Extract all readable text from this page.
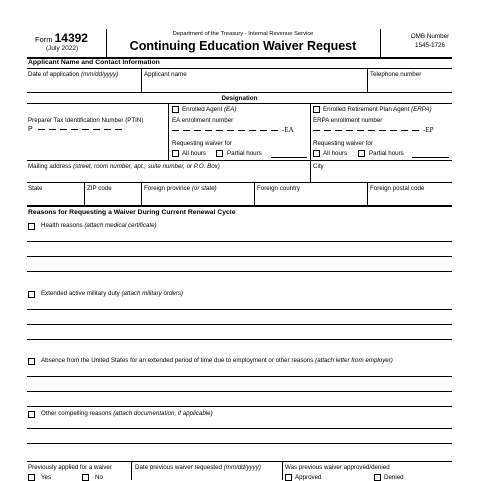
Form 14392
(July 2022)
Department of the Treasury - Internal Revenue Service
Continuing Education Waiver Request
OMB Number
1545-1726
Applicant Name and Contact Information
Date of application (mm/dd/yyyy)	Applicant name	Telephone number
Designation
Preparer Tax Identification Number (PTIN)
P
Enrolled Agent (EA)
EA enrollment number
-EA
Requesting waiver for
All hours	Partial hours
Enrolled Retirement Plan Agent (ERPA)
ERPA enrollment number
-EP
Requesting waiver for
All hours	Partial hours
Mailing address (street, room number, apt., suite number, or P.O. Box)	City
State	ZIP code	Foreign province (or state)	Foreign country	Foreign postal code
Reasons for Requesting a Waiver During Current Renewal Cycle
Health reasons (attach medical certificate)
Extended active military duty (attach military orders)
Absence from the United States for an extended period of time due to employment or other reasons (attach letter from employer)
Other compelling reasons (attach documentation, if applicable)
Previously applied for a waiver
Yes	No
Date previous waiver requested (mm/dd/yyyy)	Was previous waiver approved/denied
Approved	Denied
